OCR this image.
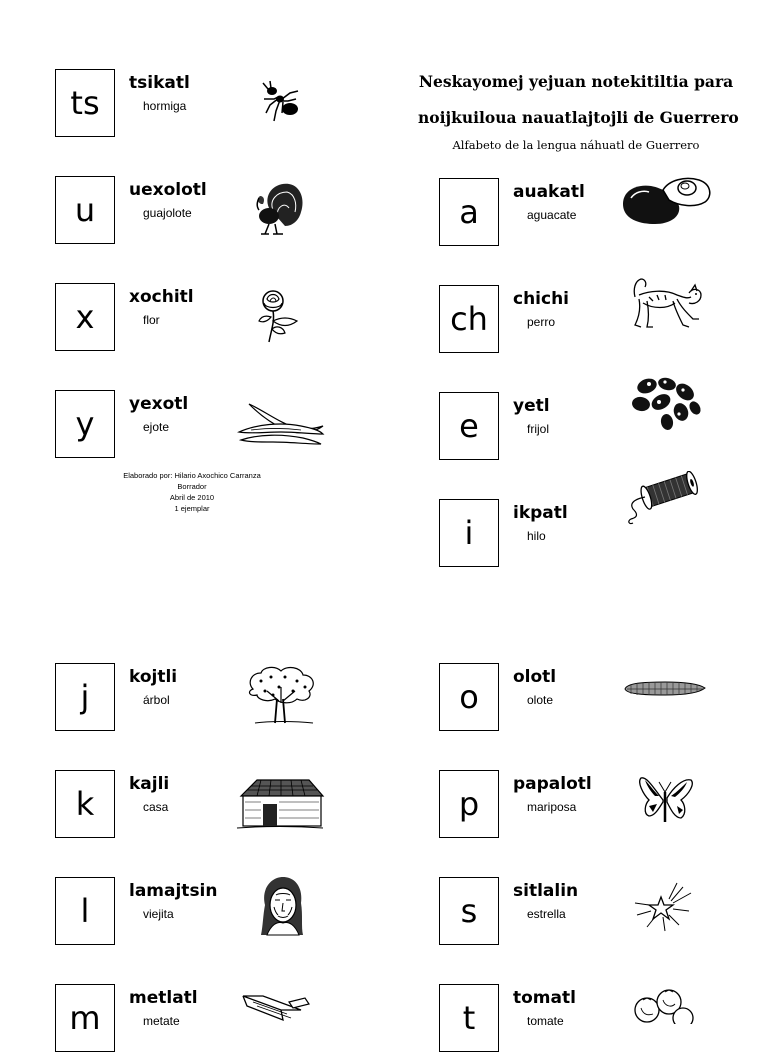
Neskayomej yejuan notekitiltia para
noijkuiloua nauatlajtojli de Guerrero
Alfabeto de la lengua náhuatl de Guerrero
Elaborado por: Hilario Axochico Carranza
Borrador
Abril de 2010
1 ejemplar
ts
tsikatl
hormiga
u
uexolotl
guajolote
x
xochitl
flor
y
yexotl
ejote
a
auakatl
aguacate
ch
chichi
perro
e
yetl
frijol
i
ikpatl
hilo
j
kojtli
árbol
k
kajli
casa
l
lamajtsin
viejita
m
metlatl
metate
o
olotl
olote
p
papalotl
mariposa
s
sitlalin
estrella
t
tomatl
tomate
